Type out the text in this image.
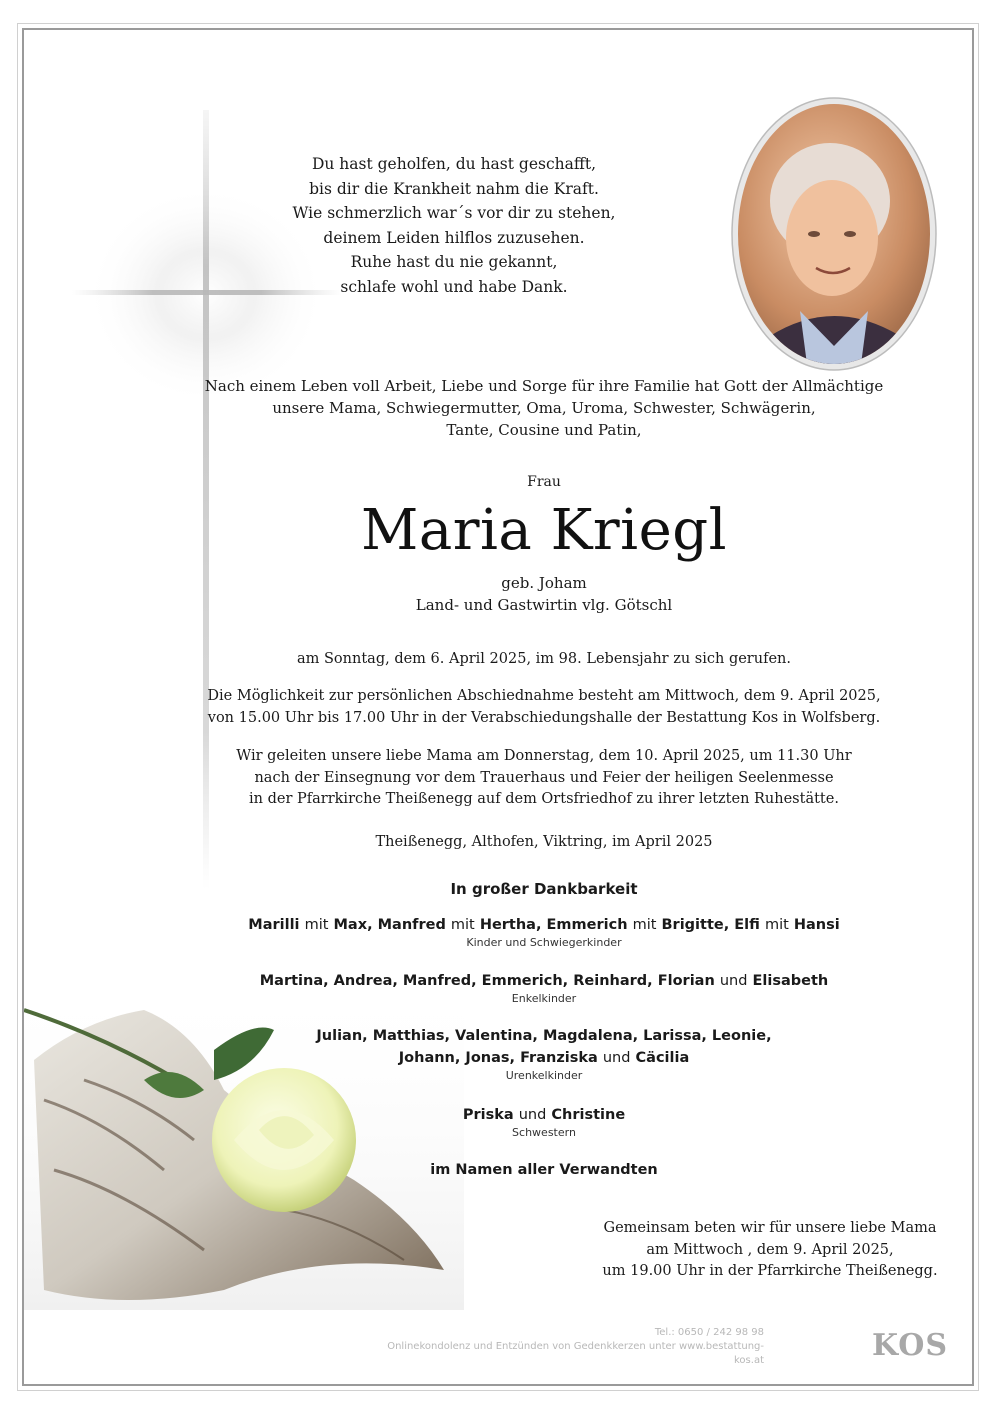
Du hast geholfen, du hast geschafft,
bis dir die Krankheit nahm die Kraft.
Wie schmerzlich war´s vor dir zu stehen,
deinem Leiden hilflos zuzusehen.
Ruhe hast du nie gekannt,
schlafe wohl und habe Dank.
Nach einem Leben voll Arbeit, Liebe und Sorge für ihre Familie hat Gott der Allmächtige
unsere Mama, Schwiegermutter, Oma, Uroma, Schwester, Schwägerin,
Tante, Cousine und Patin,
Frau
Maria Kriegl
geb. Joham
Land- und Gastwirtin vlg. Götschl
am Sonntag, dem 6. April 2025, im 98. Lebensjahr zu sich gerufen.
Die Möglichkeit zur persönlichen Abschiednahme besteht am Mittwoch, dem 9. April 2025,
von 15.00 Uhr bis 17.00 Uhr in der Verabschiedungshalle der Bestattung Kos in Wolfsberg.
Wir geleiten unsere liebe Mama am Donnerstag, dem 10. April 2025, um 11.30 Uhr
nach der Einsegnung vor dem Trauerhaus und Feier der heiligen Seelenmesse
in der Pfarrkirche Theißenegg auf dem Ortsfriedhof zu ihrer letzten Ruhestätte.
Theißenegg, Althofen, Viktring, im April 2025
In großer Dankbarkeit
Marilli mit Max, Manfred mit Hertha, Emmerich mit Brigitte, Elfi mit Hansi
Kinder und Schwiegerkinder
Martina, Andrea, Manfred, Emmerich, Reinhard, Florian und Elisabeth
Enkelkinder
Julian, Matthias, Valentina, Magdalena, Larissa, Leonie,
Johann, Jonas, Franziska und Cäcilia
Urenkelkinder
Priska und Christine
Schwestern
im Namen aller Verwandten
Gemeinsam beten wir für unsere liebe Mama
am Mittwoch , dem 9. April 2025,
um 19.00 Uhr in der Pfarrkirche Theißenegg.
Tel.: 0650 / 242 98 98
Onlinekondolenz und Entzünden von Gedenkkerzen unter www.bestattung-kos.at	KOS
